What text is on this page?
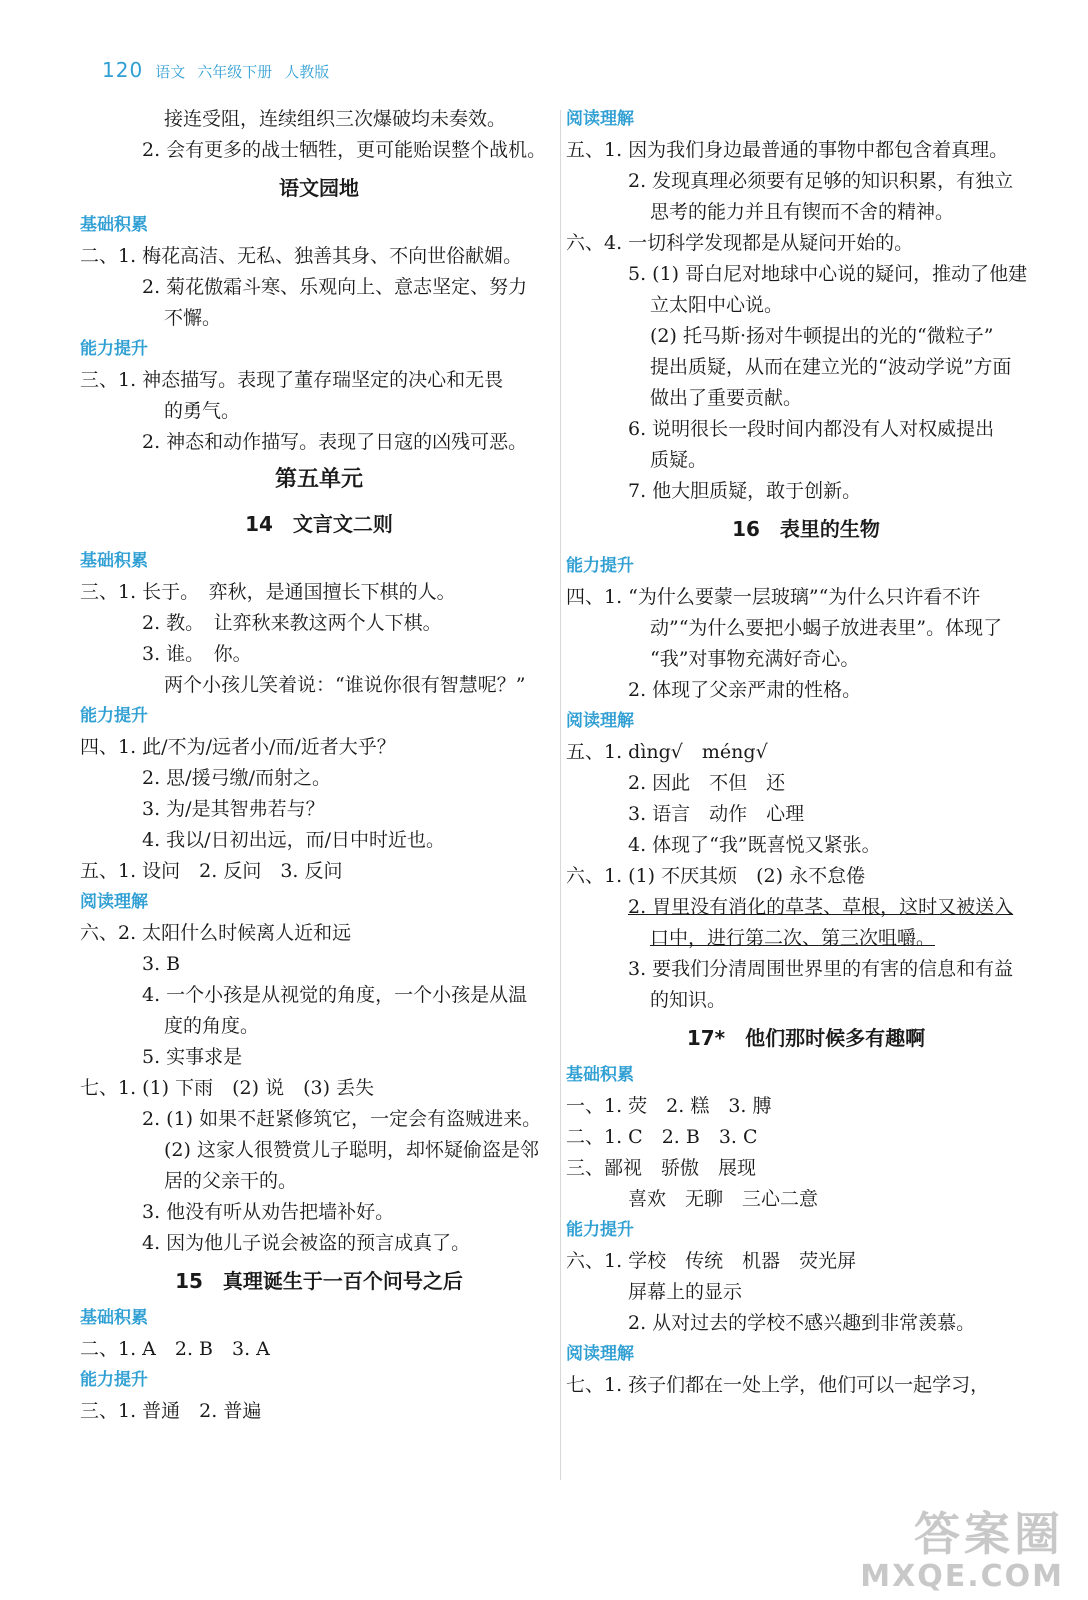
120 语文 六年级下册 人教版
接连受阻，连续组织三次爆破均未奏效。
2. 会有更多的战士牺牲，更可能贻误整个战机。
语文园地
基础积累
二、1. 梅花高洁、无私、独善其身、不向世俗献媚。
2. 菊花傲霜斗寒、乐观向上、意志坚定、努力
不懈。
能力提升
三、1. 神态描写。表现了董存瑞坚定的决心和无畏
的勇气。
2. 神态和动作描写。表现了日寇的凶残可恶。
第五单元
14　文言文二则
基础积累
三、1. 长于。　弈秋，是通国擅长下棋的人。
2. 教。　让弈秋来教这两个人下棋。
3. 谁。　你。
两个小孩儿笑着说：“谁说你很有智慧呢？”
能力提升
四、1. 此/不为/远者小/而/近者大乎？
2. 思/援弓缴/而射之。
3. 为/是其智弗若与？
4. 我以/日初出远，而/日中时近也。
五、1. 设问　2. 反问　3. 反问
阅读理解
六、2. 太阳什么时候离人近和远
3. B
4. 一个小孩是从视觉的角度，一个小孩是从温
度的角度。
5. 实事求是
七、1. (1) 下雨　(2) 说　(3) 丢失
2. (1) 如果不赶紧修筑它，一定会有盗贼进来。
(2) 这家人很赞赏儿子聪明，却怀疑偷盗是邻
居的父亲干的。
3. 他没有听从劝告把墙补好。
4. 因为他儿子说会被盗的预言成真了。
15　真理诞生于一百个问号之后
基础积累
二、1. A　2. B　3. A
能力提升
三、1. 普通　2. 普遍
阅读理解
五、1. 因为我们身边最普通的事物中都包含着真理。
2. 发现真理必须要有足够的知识积累，有独立
思考的能力并且有锲而不舍的精神。
六、4. 一切科学发现都是从疑问开始的。
5. (1) 哥白尼对地球中心说的疑问，推动了他建
立太阳中心说。
(2) 托马斯·扬对牛顿提出的光的“微粒子”
提出质疑，从而在建立光的“波动学说”方面
做出了重要贡献。
6. 说明很长一段时间内都没有人对权威提出
质疑。
7. 他大胆质疑，敢于创新。
16　表里的生物
能力提升
四、1. “为什么要蒙一层玻璃”“为什么只许看不许
动”“为什么要把小蝎子放进表里”。体现了
“我”对事物充满好奇心。
2. 体现了父亲严肃的性格。
阅读理解
五、1. dìng√　méng√
2. 因此　不但　还
3. 语言　动作　心理
4. 体现了“我”既喜悦又紧张。
六、1. (1) 不厌其烦　(2) 永不怠倦
2. 胃里没有消化的草茎、草根，这时又被送入
口中，进行第二次、第三次咀嚼。
3. 要我们分清周围世界里的有害的信息和有益
的知识。
17*　他们那时候多有趣啊
基础积累
一、1. 荧　2. 糕　3. 膊
二、1. C　2. B　3. C
三、鄙视　骄傲　展现
喜欢　无聊　三心二意
能力提升
六、1. 学校　传统　机器　荧光屏
屏幕上的显示
2. 从对过去的学校不感兴趣到非常羡慕。
阅读理解
七、1. 孩子们都在一处上学，他们可以一起学习，
答案圈
MXQE.COM
